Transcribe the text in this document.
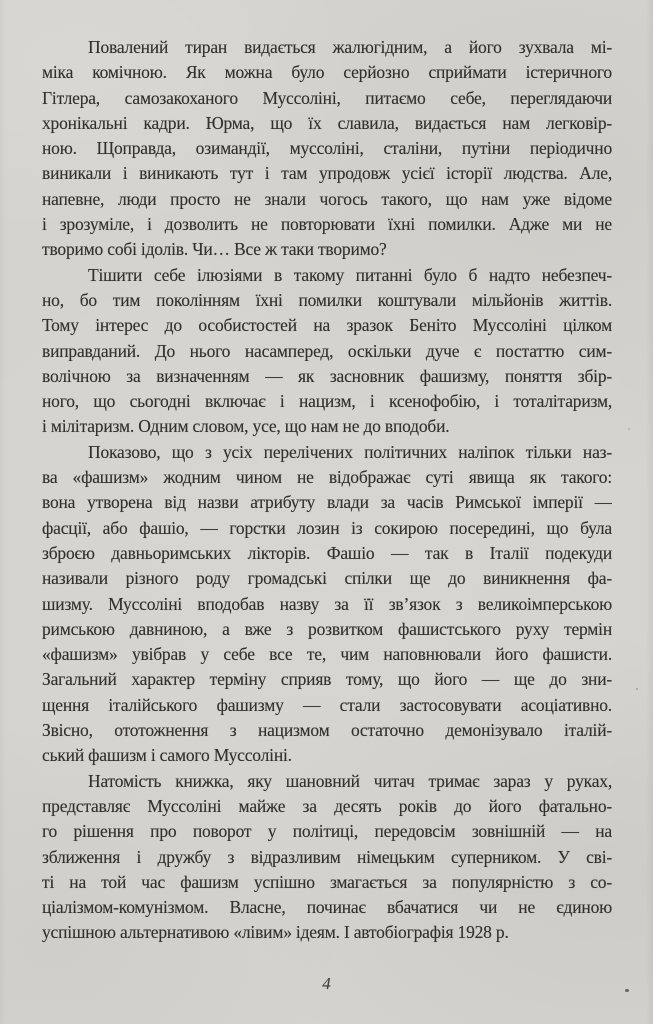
Повалений тиран видається жалюгідним, а його зухвала мі-
міка комічною. Як можна було серйозно сприймати істеричного
Гітлера, самозакоханого Муссоліні, питаємо себе, переглядаючи
хронікальні кадри. Юрма, що їх славила, видається нам легковір-
ною. Щоправда, озимандії, муссоліні, сталіни, путіни періодично
виникали і виникають тут і там упродовж усієї історії людства. Але,
напевне, люди просто не знали чогось такого, що нам уже відоме
і зрозуміле, і дозволить не повторювати їхні помилки. Адже ми не
творимо собі ідолів. Чи… Все ж таки творимо?
Тішити себе ілюзіями в такому питанні було б надто небезпеч-
но, бо тим поколінням їхні помилки коштували мільйонів життів.
Тому інтерес до особистостей на зразок Беніто Муссоліні цілком
виправданий. До нього насамперед, оскільки дуче є постаттю сим-
волічною за визначенням — як засновник фашизму, поняття збір-
ного, що сьогодні включає і нацизм, і ксенофобію, і тоталітаризм,
і мілітаризм. Одним словом, усе, що нам не до вподоби.
Показово, що з усіх перелічених політичних наліпок тільки наз-
ва «фашизм» жодним чином не відображає суті явища як такого:
вона утворена від назви атрибуту влади за часів Римської імперії —
фасції, або фашіо, — горстки лозин із сокирою посередині, що була
зброєю давньоримських лікторів. Фашіо — так в Італії подекуди
називали різного роду громадські спілки ще до виникнення фа-
шизму. Муссоліні вподобав назву за її зв’язок з великоімперською
римською давниною, а вже з розвитком фашистського руху термін
«фашизм» увібрав у себе все те, чим наповнювали його фашисти.
Загальний характер терміну сприяв тому, що його — ще до зни-
щення італійського фашизму — стали застосовувати асоціативно.
Звісно, ототожнення з нацизмом остаточно демонізувало італій-
ський фашизм і самого Муссоліні.
Натомість книжка, яку шановний читач тримає зараз у руках,
представляє Муссоліні майже за десять років до його фатально-
го рішення про поворот у політиці, передовсім зовнішній — на
зближення і дружбу з відразливим німецьким суперником. У сві-
ті на той час фашизм успішно змагається за популярністю з со-
ціалізмом-комунізмом. Власне, починає вбачатися чи не єдиною
успішною альтернативою «лівим» ідеям. І автобіографія 1928 р.
4
